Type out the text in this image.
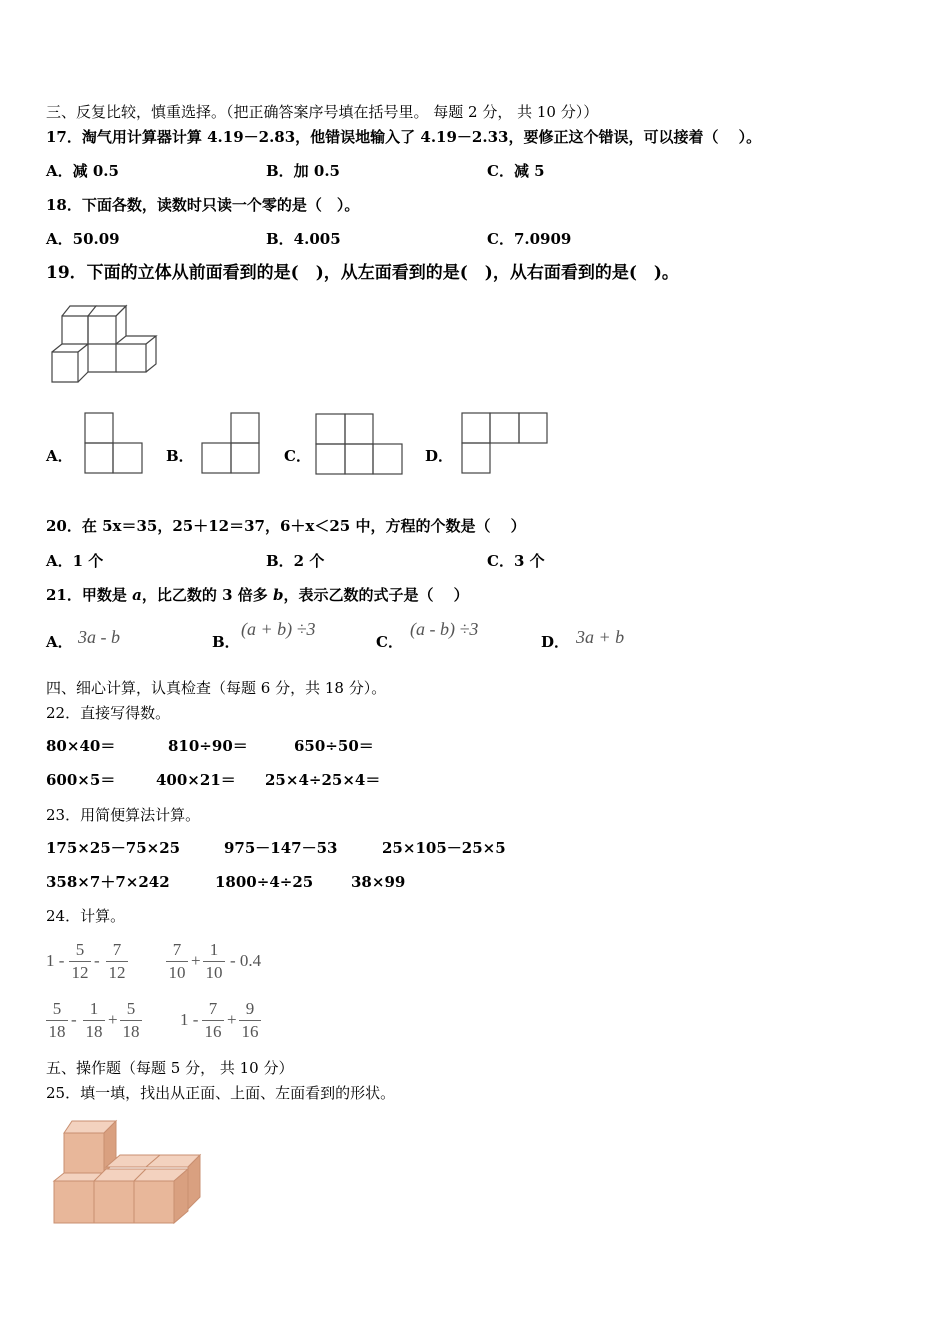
三、反复比较，慎重选择。（把正确答案序号填在括号里。 每题 2 分， 共 10 分））
17．淘气用计算器计算 4.19－2.83，他错误地输入了 4.19－2.33，要修正这个错误，可以接着（　 ）。
A．减 0.5	B．加 0.5	C．减 5
18．下面各数，读数时只读一个零的是（　）。
A．50.09	B．4.005	C．7.0909
19．下面的立体从前面看到的是(　)，从左面看到的是(　)，从右面看到的是(　)。
A．	B．	C．	D．
20．在 5x＝35，25＋12＝37，6＋x＜25 中，方程的个数是（　 ）
A．1 个	B．2 个	C．3 个
21．甲数是 a，比乙数的 3 倍多 b，表示乙数的式子是（　 ）
A． 3a - b	B．
(a + b) ÷3
C．
(a - b) ÷3
D． 3a + b
四、细心计算，认真检查（每题 6 分，共 18 分）。
22．直接写得数。
80×40＝	810÷90＝	650÷50＝
600×5＝	400×21＝ 25×4÷25×4＝
23．用简便算法计算。
175×25－75×25	975－147－53	25×105－25×5
358×7＋7×242	1800÷4÷25	38×99
24．计算。
1 -
5
12
-
7
12
7
10
+
1
10
- 0.4
5
18
-
1
18
+
5
18
1 -
7
16
+
9
16
五、操作题（每题 5 分， 共 10 分）
25．填一填，找出从正面、上面、左面看到的形状。
